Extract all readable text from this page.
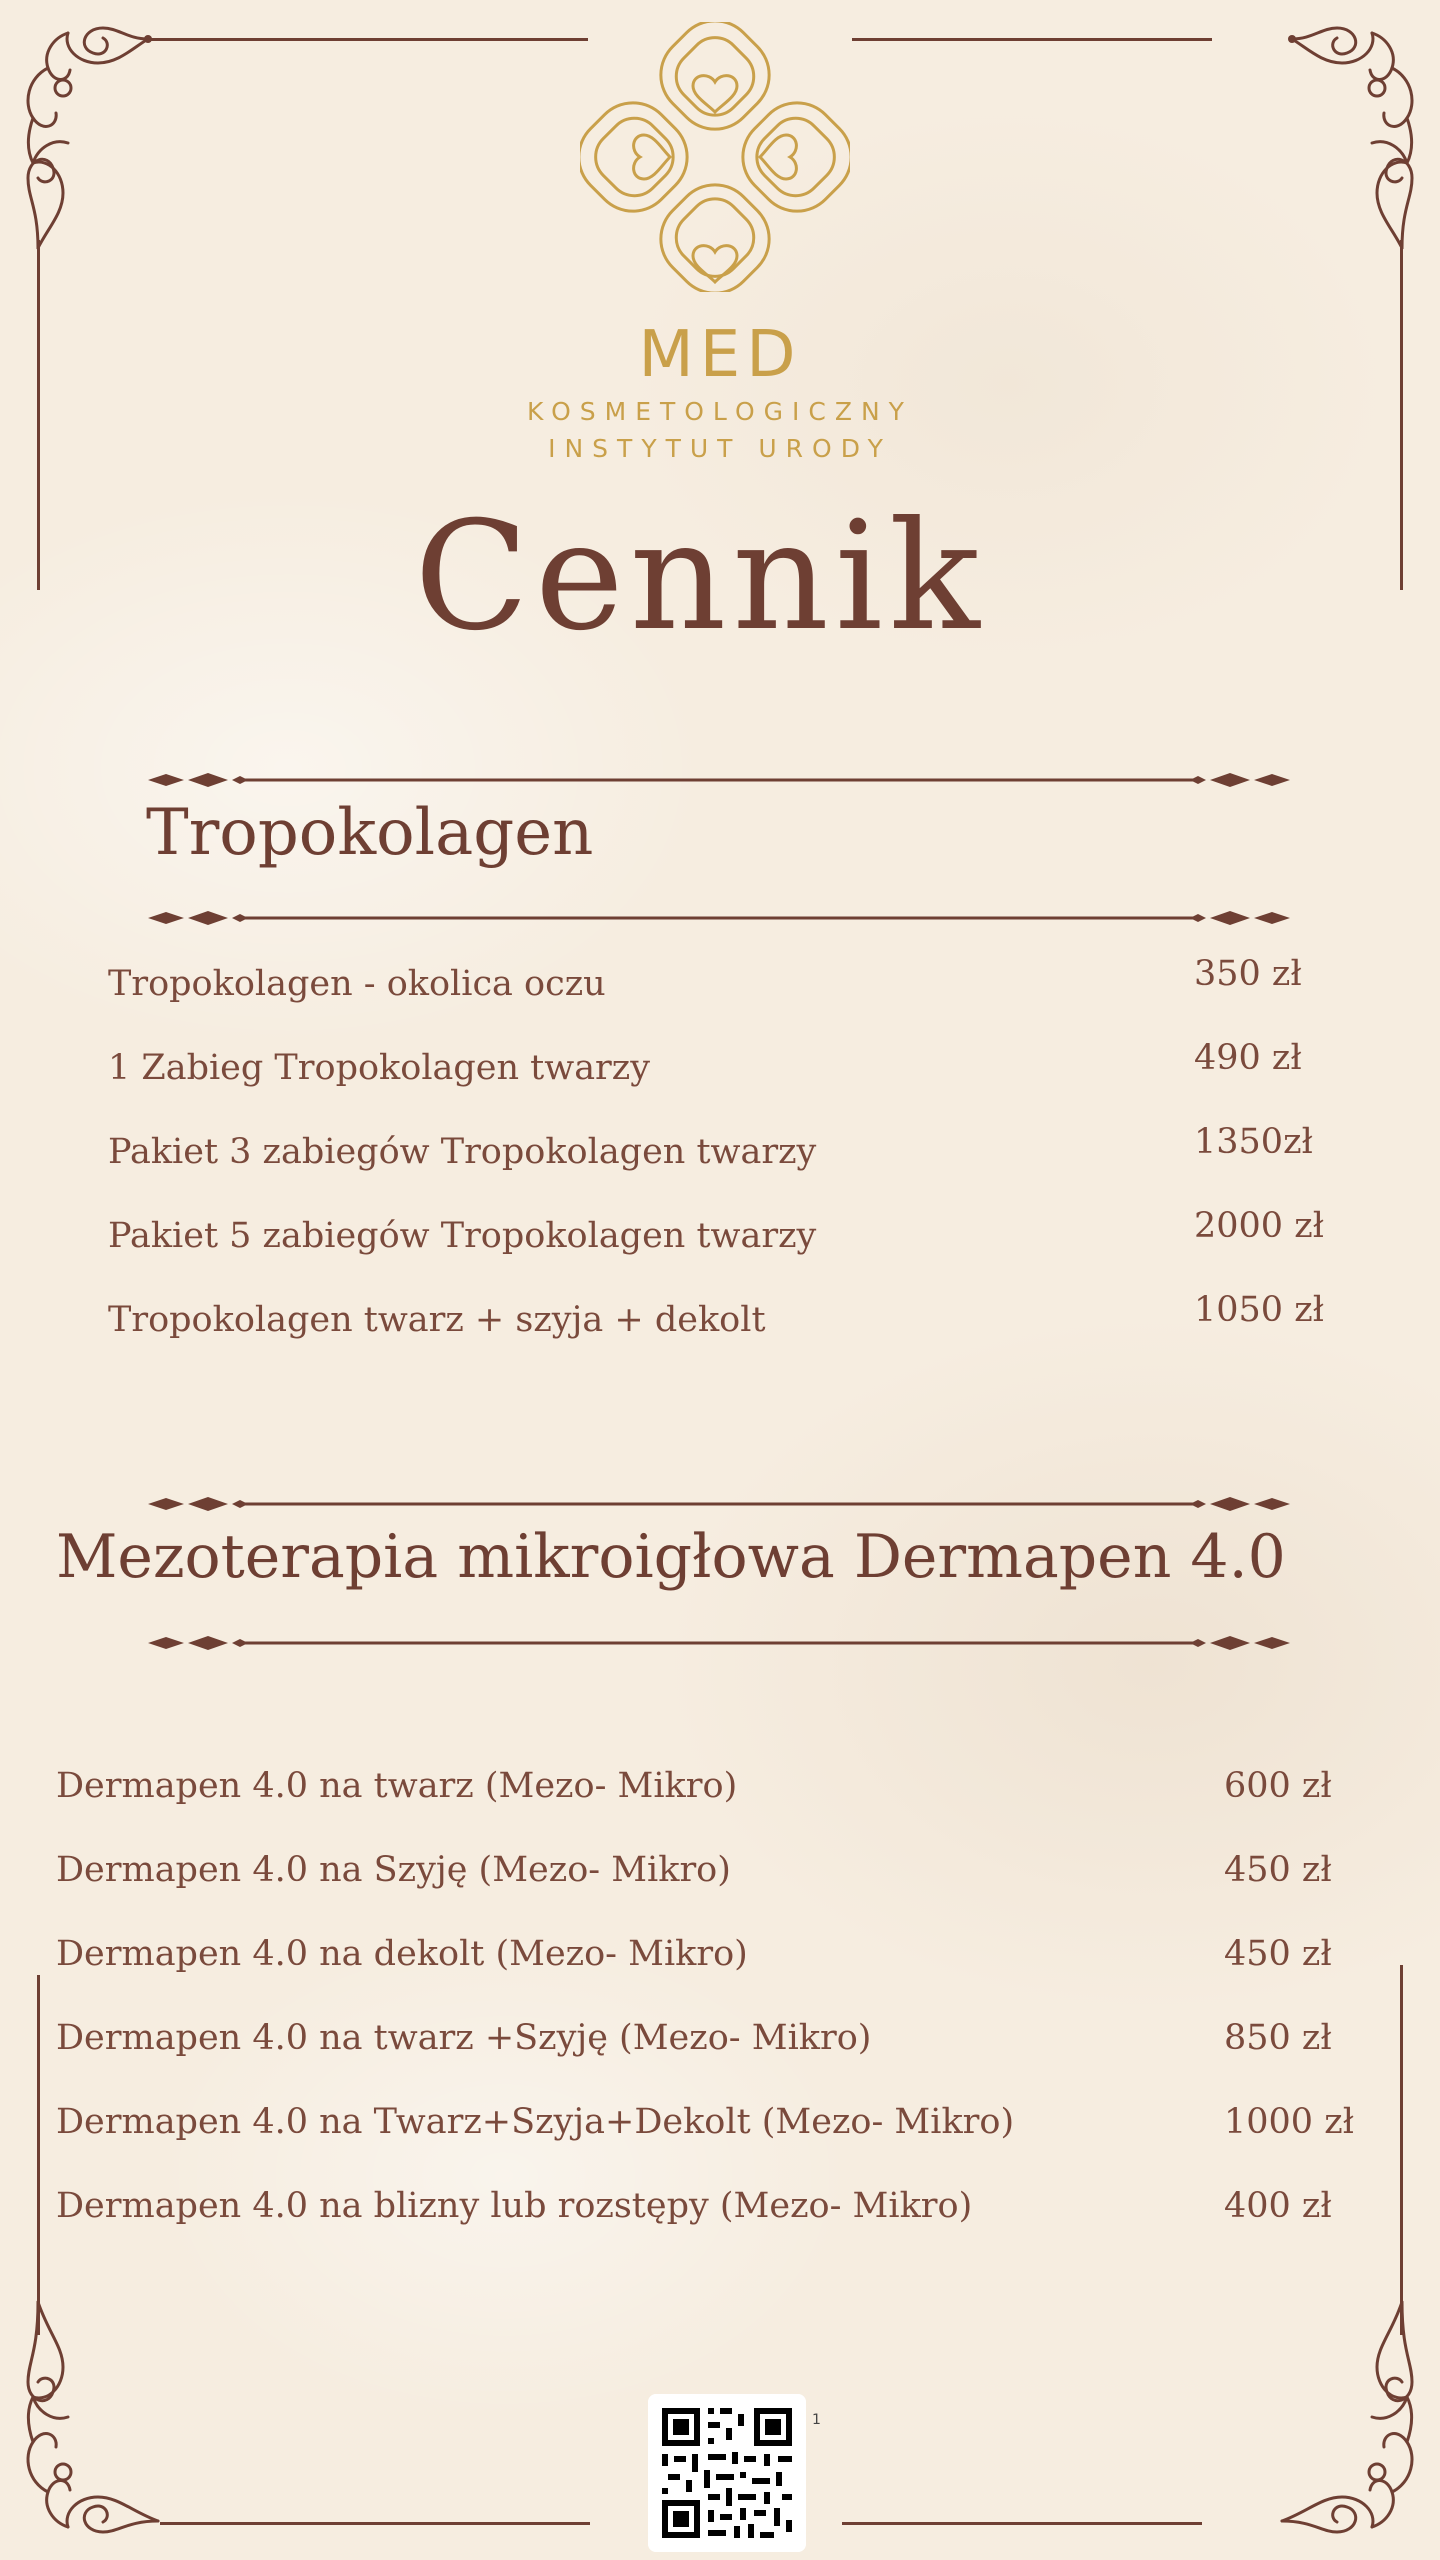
MED
KOSMETOLOGICZNY
INSTYTUT URODY
Cennik
Tropokolagen
Tropokolagen - okolica oczu	350 zł
1 Zabieg Tropokolagen twarzy	490 zł
Pakiet 3 zabiegów Tropokolagen twarzy	1350zł
Pakiet 5 zabiegów Tropokolagen twarzy	2000 zł
Tropokolagen twarz + szyja + dekolt	1050 zł
Mezoterapia mikroigłowa Dermapen 4.0
Dermapen 4.0 na twarz (Mezo- Mikro)	600 zł
Dermapen 4.0 na Szyję (Mezo- Mikro)	450 zł
Dermapen 4.0 na dekolt (Mezo- Mikro)	450 zł
Dermapen 4.0 na twarz +Szyję (Mezo- Mikro)	850 zł
Dermapen 4.0 na Twarz+Szyja+Dekolt (Mezo- Mikro)	1000 zł
Dermapen 4.0 na blizny lub rozstępy (Mezo- Mikro)	400 zł
1
